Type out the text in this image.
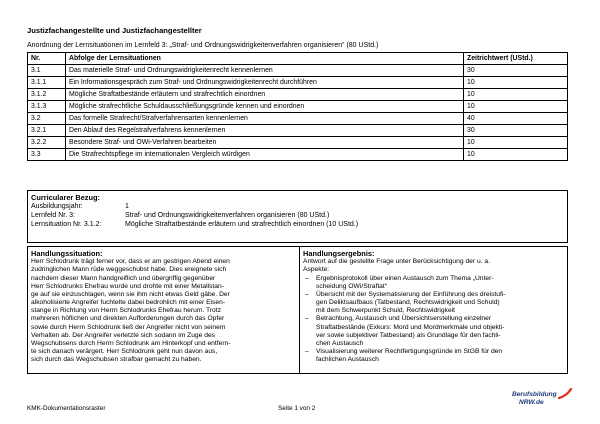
Justizfachangestellte und Justizfachangestellter
Anordnung der Lernsituationen im Lernfeld 3: „Straf- und Ordnungswidrigkeitenverfahren organisieren“ (80 UStd.)
Nr.	Abfolge der Lernsituationen	Zeitrichtwert (UStd.)
3.1	Das materielle Straf- und Ordnungswidrigkeitenrecht kennenlernen	30
3.1.1	Ein Informationsgespräch zum Straf- und Ordnungswidrigkeitenrecht durchführen	10
3.1.2	Mögliche Straftatbestände erläutern und strafrechtlich einordnen	10
3.1.3	Mögliche strafrechtliche Schuldausschließungsgründe kennen und einordnen	10
3.2	Das formelle Strafrecht/Strafverfahrensarten kennenlernen	40
3.2.1	Den Ablauf des Regelstrafverfahrens kennenlernen	30
3.2.2	Besondere Straf- und OWi-Verfahren bearbeiten	10
3.3	Die Strafrechtspflege im internationalen Vergleich würdigen	10
Curricularer Bezug:
Ausbildungsjahr:	1
Lernfeld Nr. 3:	Straf- und Ordnungswidrigkeitenverfahren organisieren (80 UStd.)
Lernsituation Nr. 3.1.2:	Mögliche Straftatbestände erläutern und strafrechtlich einordnen (10 UStd.)
Handlungssituation:
Herr Schlodrunk trägt ferner vor, dass er am gestrigen Abend einen
zudringlichen Mann rüde weggeschubst habe. Dies ereignete sich
nachdem dieser Mann handgreiflich und übergriffig gegenüber
Herr Schlodrunks Ehefrau wurde und drohte mit einer Metallstan-
ge auf sie einzuschlagen, wenn sie ihm nicht etwas Geld gäbe. Der
alkoholisierte Angreifer fuchtelte dabei bedrohlich mit einer Eisen-
stange in Richtung von Herrn Schlodrunks Ehefrau herum. Trotz
mehreren höflichen und direkten Aufforderungen durch das Opfer
sowie durch Herrn Schlodrunk ließ der Angreifer nicht von seinem
Verhalten ab. Der Angreifer verletzte sich sodann im Zuge des
Wegschubsens durch Herrn Schlodrunk am Hinterkopf und entfern-
te sich danach verärgert. Herr Schlodrunk geht nun davon aus,
sich durch das Wegschubsen strafbar gemacht zu haben.
Handlungsergebnis:
Antwort auf die gestellte Frage unter Berücksichtigung der u. a.
Aspekte:
– Ergebnisprotokoll über einen Austausch zum Thema „Unter-
scheidung OWi/Straftat“
– Übersicht mit der Systematisierung der Einführung des dreistufi-
gen Deliktsaufbaus (Tatbestand, Rechtswidrigkeit und Schuld)
mit dem Schwerpunkt Schuld, Rechtswidrigkeit
– Betrachtung, Austausch und Übersichtserstellung einzelner
Straftatbestände (Exkurs: Mord und Mordmerkmale und objekti-
ver sowie subjektiver Tatbestand) als Grundlage für den fachli-
chen Austausch
– Visualisierung weiterer Rechtfertigungsgründe im StGB für den
fachlichen Austausch
KMK-Dokumentationsraster	Seite 1 von 2
Berufsbildung
NRW.de
